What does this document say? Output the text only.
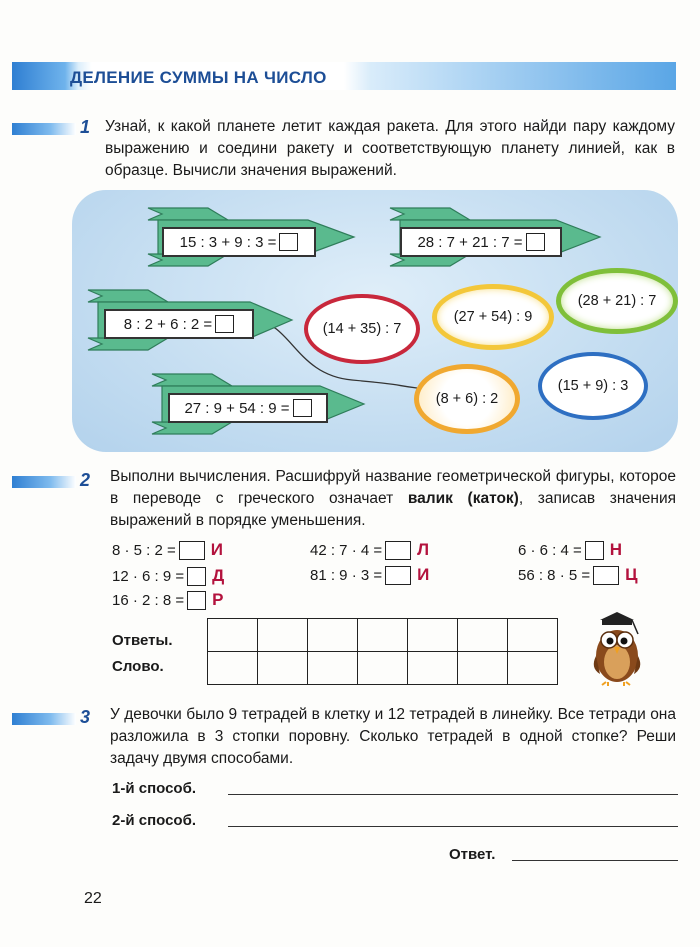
ДЕЛЕНИЕ СУММЫ НА ЧИСЛО
1 Узнай, к какой планете летит каждая ракета. Для этого найди пару каждому выражению и соедини ракету и соответствующую планету линией, как в образце. Вычисли значения выражений.
15 : 3 + 9 : 3 =	28 : 7 + 21 : 7 =
8 : 2 + 6 : 2 =
27 : 9 + 54 : 9 =
(28 + 21) : 7
(14 + 35) : 7
(27 + 54) : 9
(8 + 6) : 2
(15 + 9) : 3
2 Выполни вычисления. Расшифруй название геометрической фигуры, которое в переводе с греческого означает валик (каток), записав значения выражений в порядке уменьшения.
8 · 5 : 2 = И
12 · 6 : 9 = Д
16 · 2 : 8 = Р
42 : 7 · 4 = Л
81 : 9 · 3 = И
6 · 6 : 4 = Н
56 : 8 · 5 = Ц
Ответы.
Слово.

3 У девочки было 9 тетрадей в клетку и 12 тетрадей в линейку. Все тетради она разложила в 3 стопки поровну. Сколько тетрадей в одной стопке? Реши задачу двумя способами.
1-й способ.
2-й способ.
Ответ.
22
